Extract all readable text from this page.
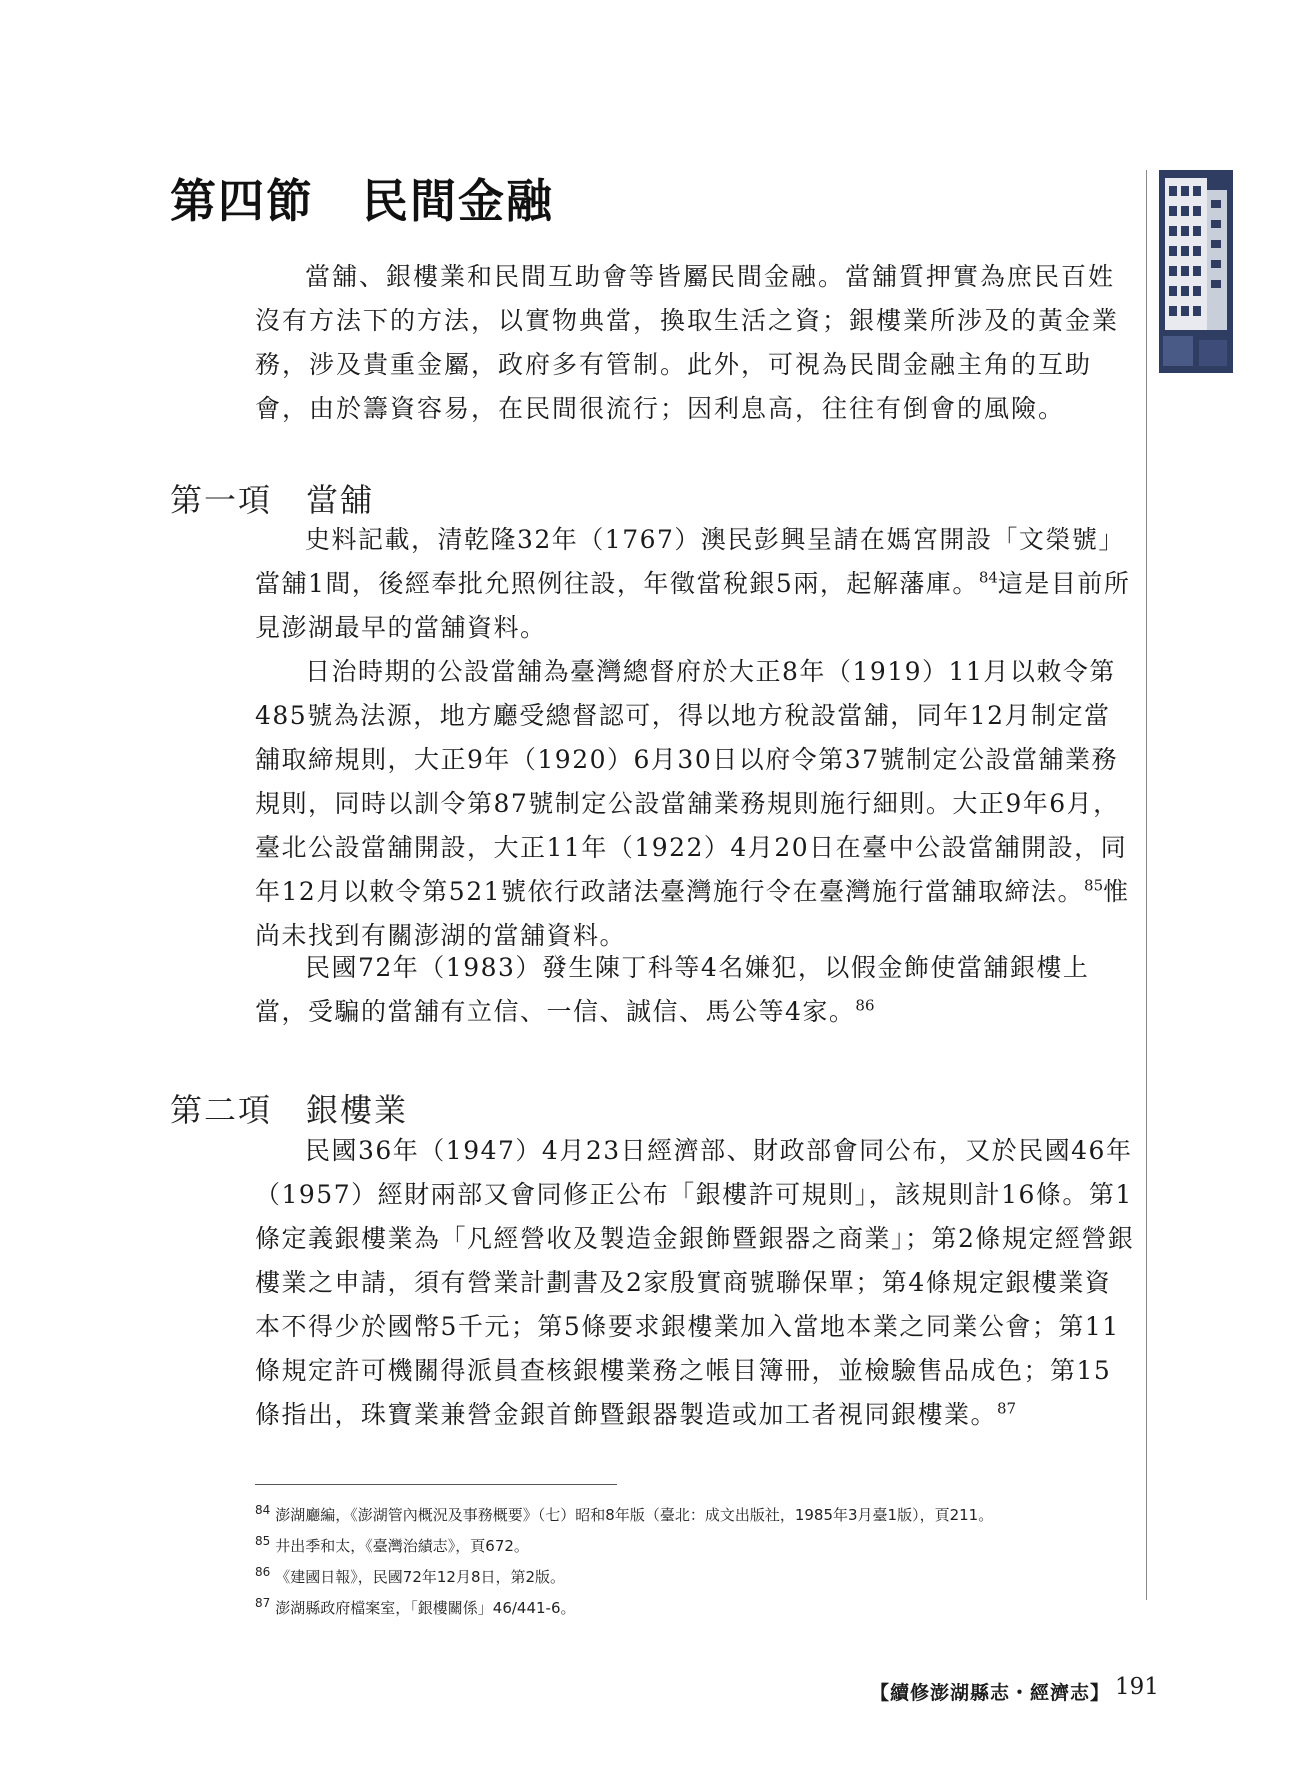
第四節 民間金融

當舖、銀樓業和民間互助會等皆屬民間金融。當舖質押實為庶民百姓沒有方法下的方法，以實物典當，換取生活之資；銀樓業所涉及的黃金業務，涉及貴重金屬，政府多有管制。此外，可視為民間金融主角的互助會，由於籌資容易，在民間很流行；因利息高，往往有倒會的風險。

第一項 當舖

史料記載，清乾隆32年（1767）澳民彭興呈請在媽宮開設「文榮號」當舖1間，後經奉批允照例往設，年徵當稅銀5兩，起解藩庫。$^{84}$這是目前所見澎湖最早的當舖資料。

日治時期的公設當舖為臺灣總督府於大正8年（1919）11月以敕令第485號為法源，地方廳受總督認可，得以地方稅設當舖，同年12月制定當舖取締規則，大正9年（1920）6月30日以府令第37號制定公設當舖業務規則，同時以訓令第87號制定公設當舖業務規則施行細則。大正9年6月，臺北公設當舖開設，大正11年（1922）4月20日在臺中公設當舖開設，同年12月以敕令第521號依行政諸法臺灣施行令在臺灣施行當舖取締法。$^{85}$惟尚未找到有關澎湖的當舖資料。

民國72年（1983）發生陳丁科等4名嫌犯，以假金飾使當舖銀樓上當，受騙的當舖有立信、一信、誠信、馬公等4家。$^{86}$

第二項 銀樓業

民國36年（1947）4月23日經濟部、財政部會同公布，又於民國46年（1957）經財兩部又會同修正公布「銀樓許可規則」，該規則計16條。第1條定義銀樓業為「凡經營收及製造金銀飾暨銀器之商業」；第2條規定經營銀樓業之申請，須有營業計劃書及2家殷實商號聯保單；第4條規定銀樓業資本不得少於國幣5千元；第5條要求銀樓業加入當地本業之同業公會；第11條規定許可機關得派員查核銀樓業務之帳目簿冊，並檢驗售品成色；第15條指出，珠寶業兼營金銀首飾暨銀器製造或加工者視同銀樓業。$^{87}$

$^{84}$ 澎湖廳編，《澎湖管內概況及事務概要》（七）昭和8年版（臺北：成文出版社，1985年3月臺1版），頁211。
$^{85}$ 井出季和太，《臺灣治績志》，頁672。
$^{86}$ 《建國日報》，民國72年12月8日，第2版。
$^{87}$ 澎湖縣政府檔案室，「銀樓關係」46/441-6。
【續修澎湖縣志・經濟志】 191
